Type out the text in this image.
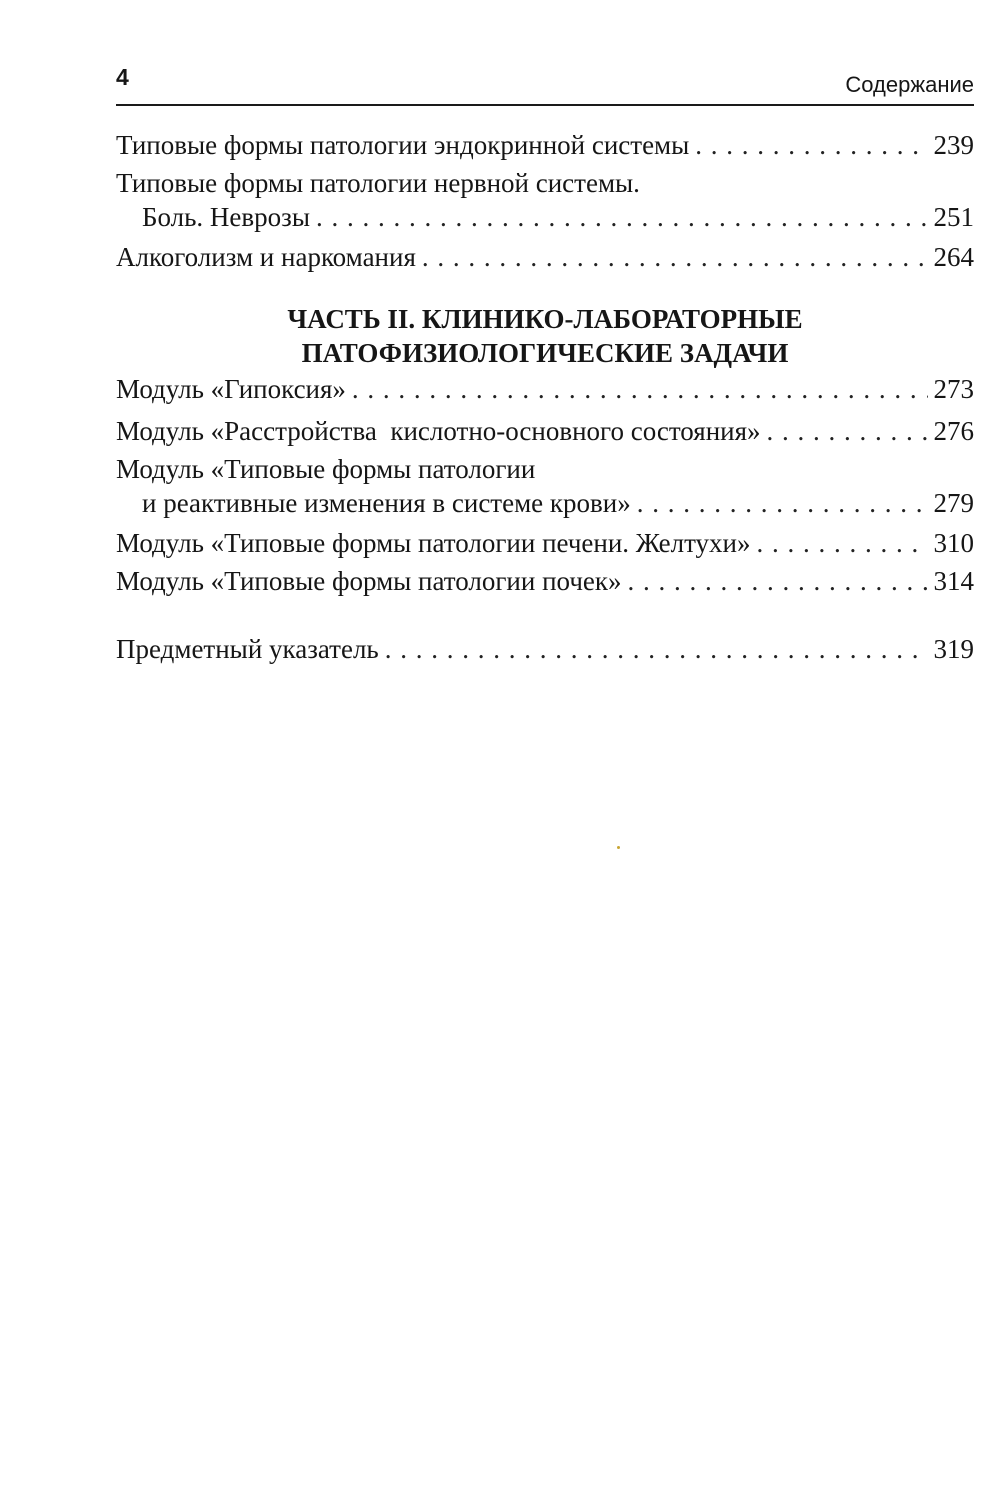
4	Содержание
Типовые формы патологии эндокринной системы . . .	239
Типовые формы патологии нервной системы.
Боль. Неврозы . . .	251
Алкоголизм и наркомания . . .	264
Модуль «Гипоксия» . . .	273
Модуль «Расстройства  кислотно-основного состояния» . . .	276
Модуль «Типовые формы патологии
и реактивные изменения в системе крови» . . .	279
Модуль «Типовые формы патологии печени. Желтухи» . . .	310
Модуль «Типовые формы патологии почек» . . .	314
Предметный указатель . . .	319
ЧАСТЬ II. КЛИНИКО-ЛАБОРАТОРНЫЕ
ПАТОФИЗИОЛОГИЧЕСКИЕ ЗАДАЧИ
